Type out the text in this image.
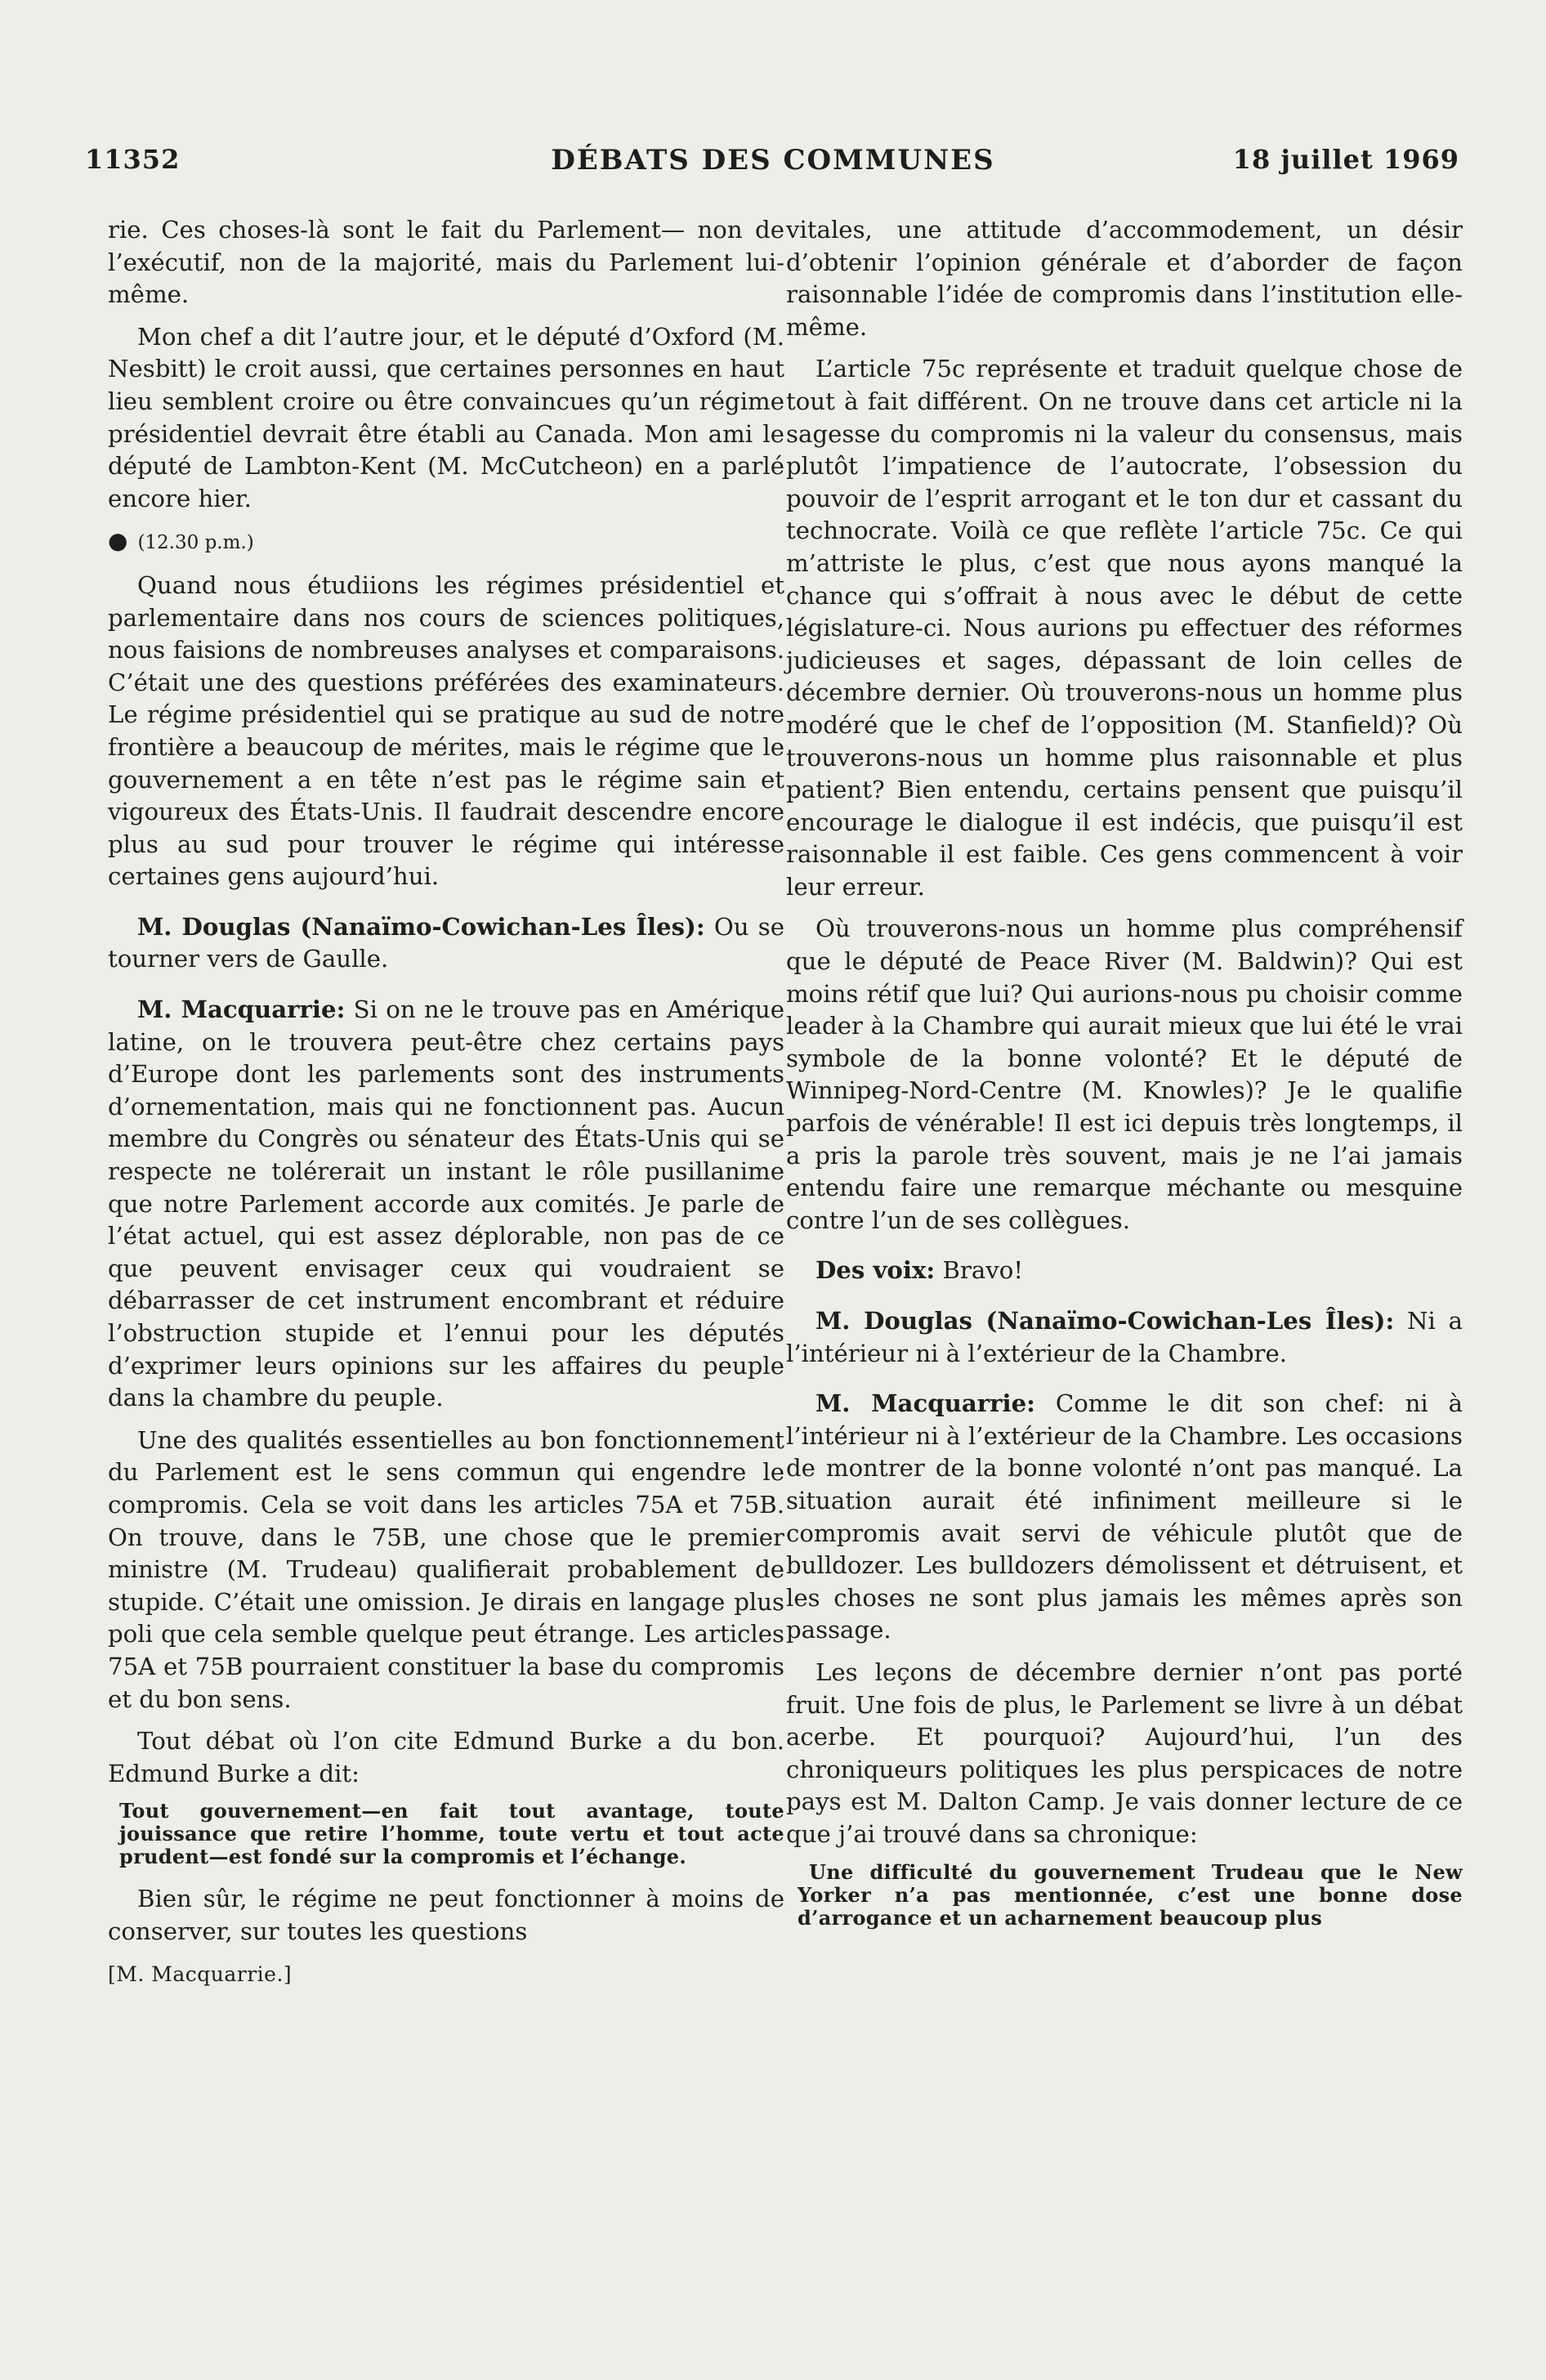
11352	DÉBATS DES COMMUNES	18 juillet 1969

rie. Ces choses-là sont le fait du Parlement— non de l’exécutif, non de la majorité, mais du Parlement lui-même.

Mon chef a dit l’autre jour, et le député d’Oxford (M. Nesbitt) le croit aussi, que certaines personnes en haut lieu semblent croire ou être convaincues qu’un régime présidentiel devrait être établi au Canada. Mon ami le député de Lambton-Kent (M. McCutcheon) en a parlé encore hier.

● (12.30 p.m.)

Quand nous étudiions les régimes présidentiel et parlementaire dans nos cours de sciences politiques, nous faisions de nombreuses analyses et comparaisons. C’était une des questions préférées des examinateurs. Le régime présidentiel qui se pratique au sud de notre frontière a beaucoup de mérites, mais le régime que le gouvernement a en tête n’est pas le régime sain et vigoureux des États-Unis. Il faudrait descendre encore plus au sud pour trouver le régime qui intéresse certaines gens aujourd’hui.

M. Douglas (Nanaïmo-Cowichan-Les Îles): Ou se tourner vers de Gaulle.

M. Macquarrie: Si on ne le trouve pas en Amérique latine, on le trouvera peut-être chez certains pays d’Europe dont les parlements sont des instruments d’ornementation, mais qui ne fonctionnent pas. Aucun membre du Congrès ou sénateur des États-Unis qui se respecte ne tolérerait un instant le rôle pusillanime que notre Parlement accorde aux comités. Je parle de l’état actuel, qui est assez déplorable, non pas de ce que peuvent envisager ceux qui voudraient se débarrasser de cet instrument encombrant et réduire l’obstruction stupide et l’ennui pour les députés d’exprimer leurs opinions sur les affaires du peuple dans la chambre du peuple.

Une des qualités essentielles au bon fonctionnement du Parlement est le sens commun qui engendre le compromis. Cela se voit dans les articles 75A et 75B. On trouve, dans le 75B, une chose que le premier ministre (M. Trudeau) qualifierait probablement de stupide. C’était une omission. Je dirais en langage plus poli que cela semble quelque peut étrange. Les articles 75A et 75B pourraient constituer la base du compromis et du bon sens.

Tout débat où l’on cite Edmund Burke a du bon. Edmund Burke a dit:

Tout gouvernement—en fait tout avantage, toute jouissance que retire l’homme, toute vertu et tout acte prudent—est fondé sur la compromis et l’échange.

Bien sûr, le régime ne peut fonctionner à moins de conserver, sur toutes les questions

[M. Macquarrie.]

vitales, une attitude d’accommodement, un désir d’obtenir l’opinion générale et d’aborder de façon raisonnable l’idée de compromis dans l’institution elle-même.

L’article 75c représente et traduit quelque chose de tout à fait différent. On ne trouve dans cet article ni la sagesse du compromis ni la valeur du consensus, mais plutôt l’impatience de l’autocrate, l’obsession du pouvoir de l’esprit arrogant et le ton dur et cassant du technocrate. Voilà ce que reflète l’article 75c. Ce qui m’attriste le plus, c’est que nous ayons manqué la chance qui s’offrait à nous avec le début de cette législature-ci. Nous aurions pu effectuer des réformes judicieuses et sages, dépassant de loin celles de décembre dernier. Où trouverons-nous un homme plus modéré que le chef de l’opposition (M. Stanfield)? Où trouverons-nous un homme plus raisonnable et plus patient? Bien entendu, certains pensent que puisqu’il encourage le dialogue il est indécis, que puisqu’il est raisonnable il est faible. Ces gens commencent à voir leur erreur.

Où trouverons-nous un homme plus compréhensif que le député de Peace River (M. Baldwin)? Qui est moins rétif que lui? Qui aurions-nous pu choisir comme leader à la Chambre qui aurait mieux que lui été le vrai symbole de la bonne volonté? Et le député de Winnipeg-Nord-Centre (M. Knowles)? Je le qualifie parfois de vénérable! Il est ici depuis très longtemps, il a pris la parole très souvent, mais je ne l’ai jamais entendu faire une remarque méchante ou mesquine contre l’un de ses collègues.

Des voix: Bravo!

M. Douglas (Nanaïmo-Cowichan-Les Îles): Ni a l’intérieur ni à l’extérieur de la Chambre.

M. Macquarrie: Comme le dit son chef: ni à l’intérieur ni à l’extérieur de la Chambre. Les occasions de montrer de la bonne volonté n’ont pas manqué. La situation aurait été infiniment meilleure si le compromis avait servi de véhicule plutôt que de bulldozer. Les bulldozers démolissent et détruisent, et les choses ne sont plus jamais les mêmes après son passage.

Les leçons de décembre dernier n’ont pas porté fruit. Une fois de plus, le Parlement se livre à un débat acerbe. Et pourquoi? Aujourd’hui, l’un des chroniqueurs politiques les plus perspicaces de notre pays est M. Dalton Camp. Je vais donner lecture de ce que j’ai trouvé dans sa chronique:

Une difficulté du gouvernement Trudeau que le New Yorker n’a pas mentionnée, c’est une bonne dose d’arrogance et un acharnement beaucoup plus
